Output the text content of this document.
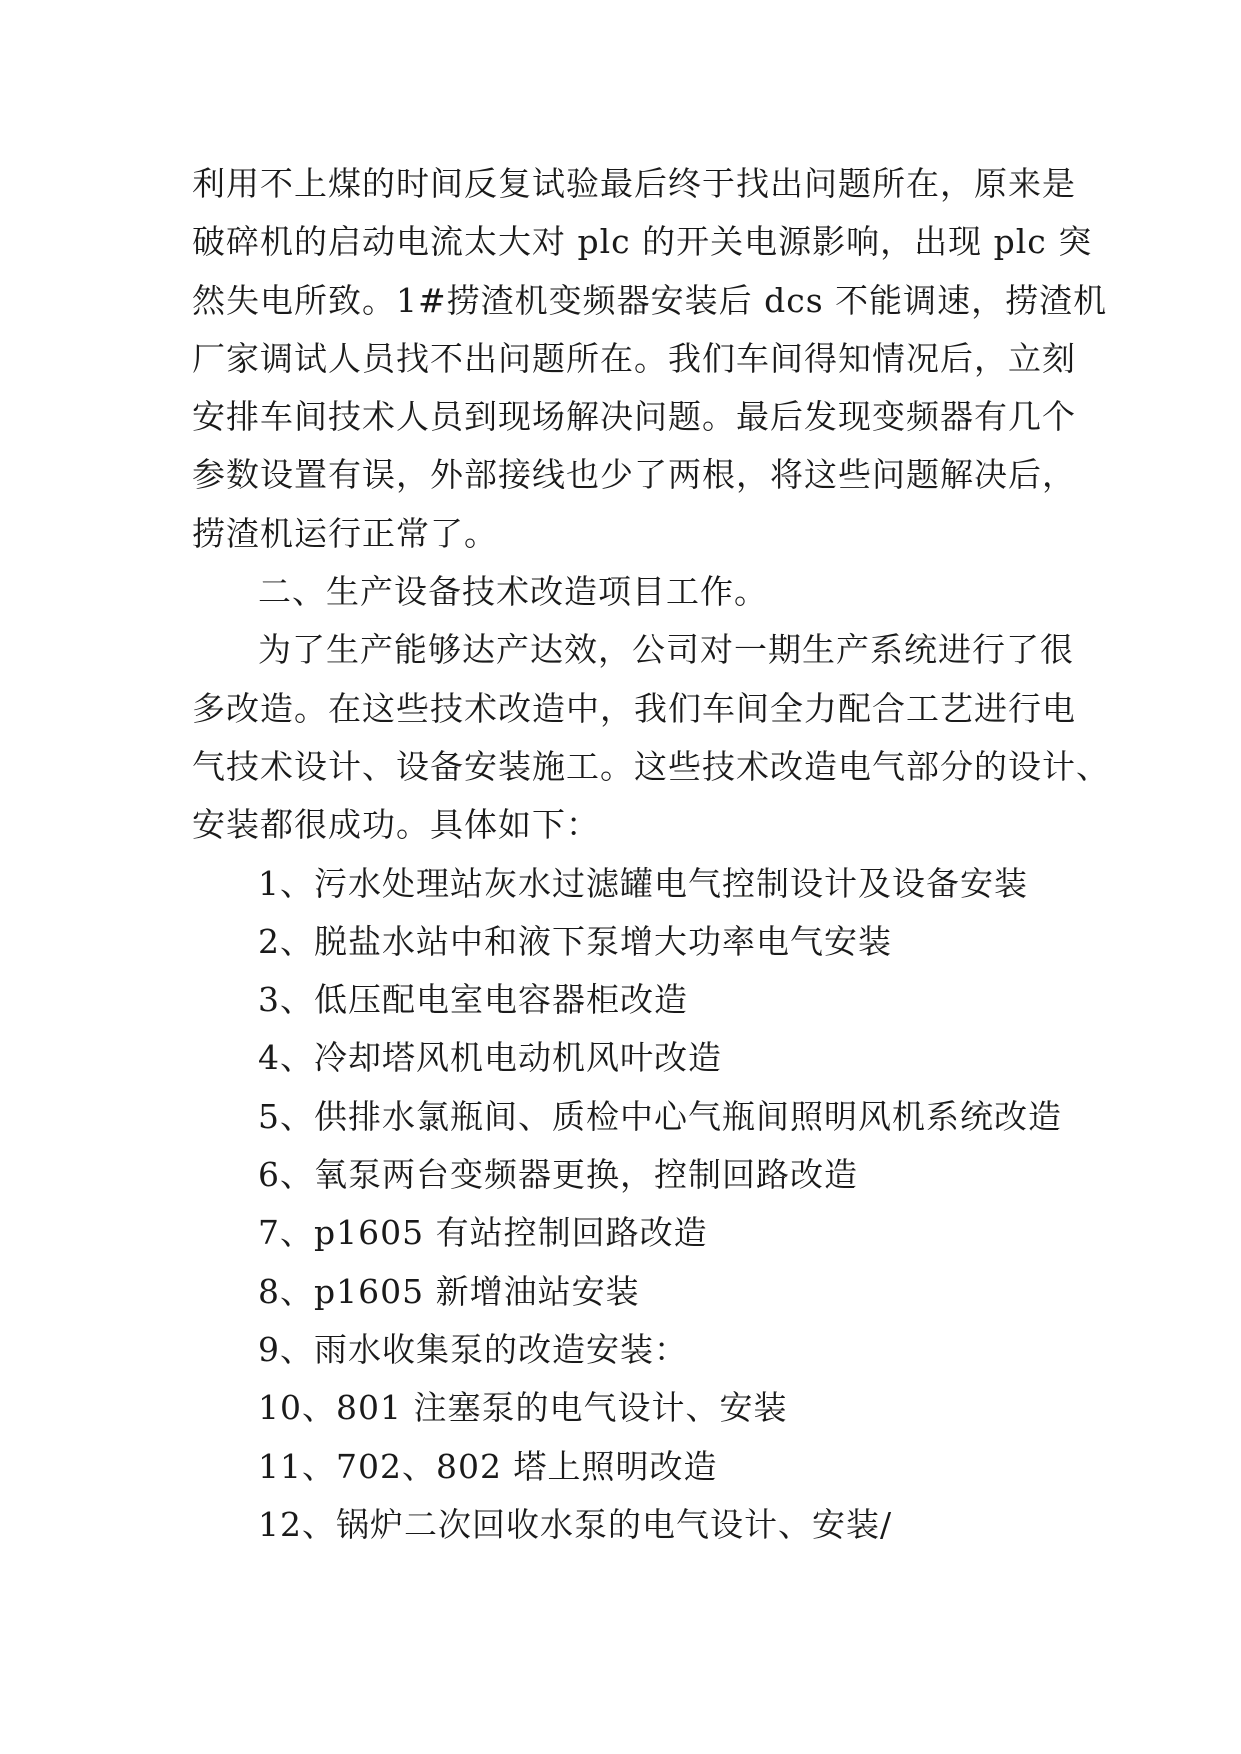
利用不上煤的时间反复试验最后终于找出问题所在，原来是
破碎机的启动电流太大对 plc 的开关电源影响，出现 plc 突
然失电所致。1#捞渣机变频器安装后 dcs 不能调速，捞渣机
厂家调试人员找不出问题所在。我们车间得知情况后，立刻
安排车间技术人员到现场解决问题。最后发现变频器有几个
参数设置有误，外部接线也少了两根，将这些问题解决后，
捞渣机运行正常了。
二、生产设备技术改造项目工作。
为了生产能够达产达效，公司对一期生产系统进行了很
多改造。在这些技术改造中，我们车间全力配合工艺进行电
气技术设计、设备安装施工。这些技术改造电气部分的设计、
安装都很成功。具体如下：

1、污水处理站灰水过滤罐电气控制设计及设备安装

2、脱盐水站中和液下泵增大功率电气安装

3、低压配电室电容器柜改造

4、冷却塔风机电动机风叶改造

5、供排水氯瓶间、质检中心气瓶间照明风机系统改造

6、氧泵两台变频器更换，控制回路改造

7、p1605 有站控制回路改造

8、p1605 新增油站安装

9、雨水收集泵的改造安装：

10、801 注塞泵的电气设计、安装

11、702、802 塔上照明改造

12、锅炉二次回收水泵的电气设计、安装/
